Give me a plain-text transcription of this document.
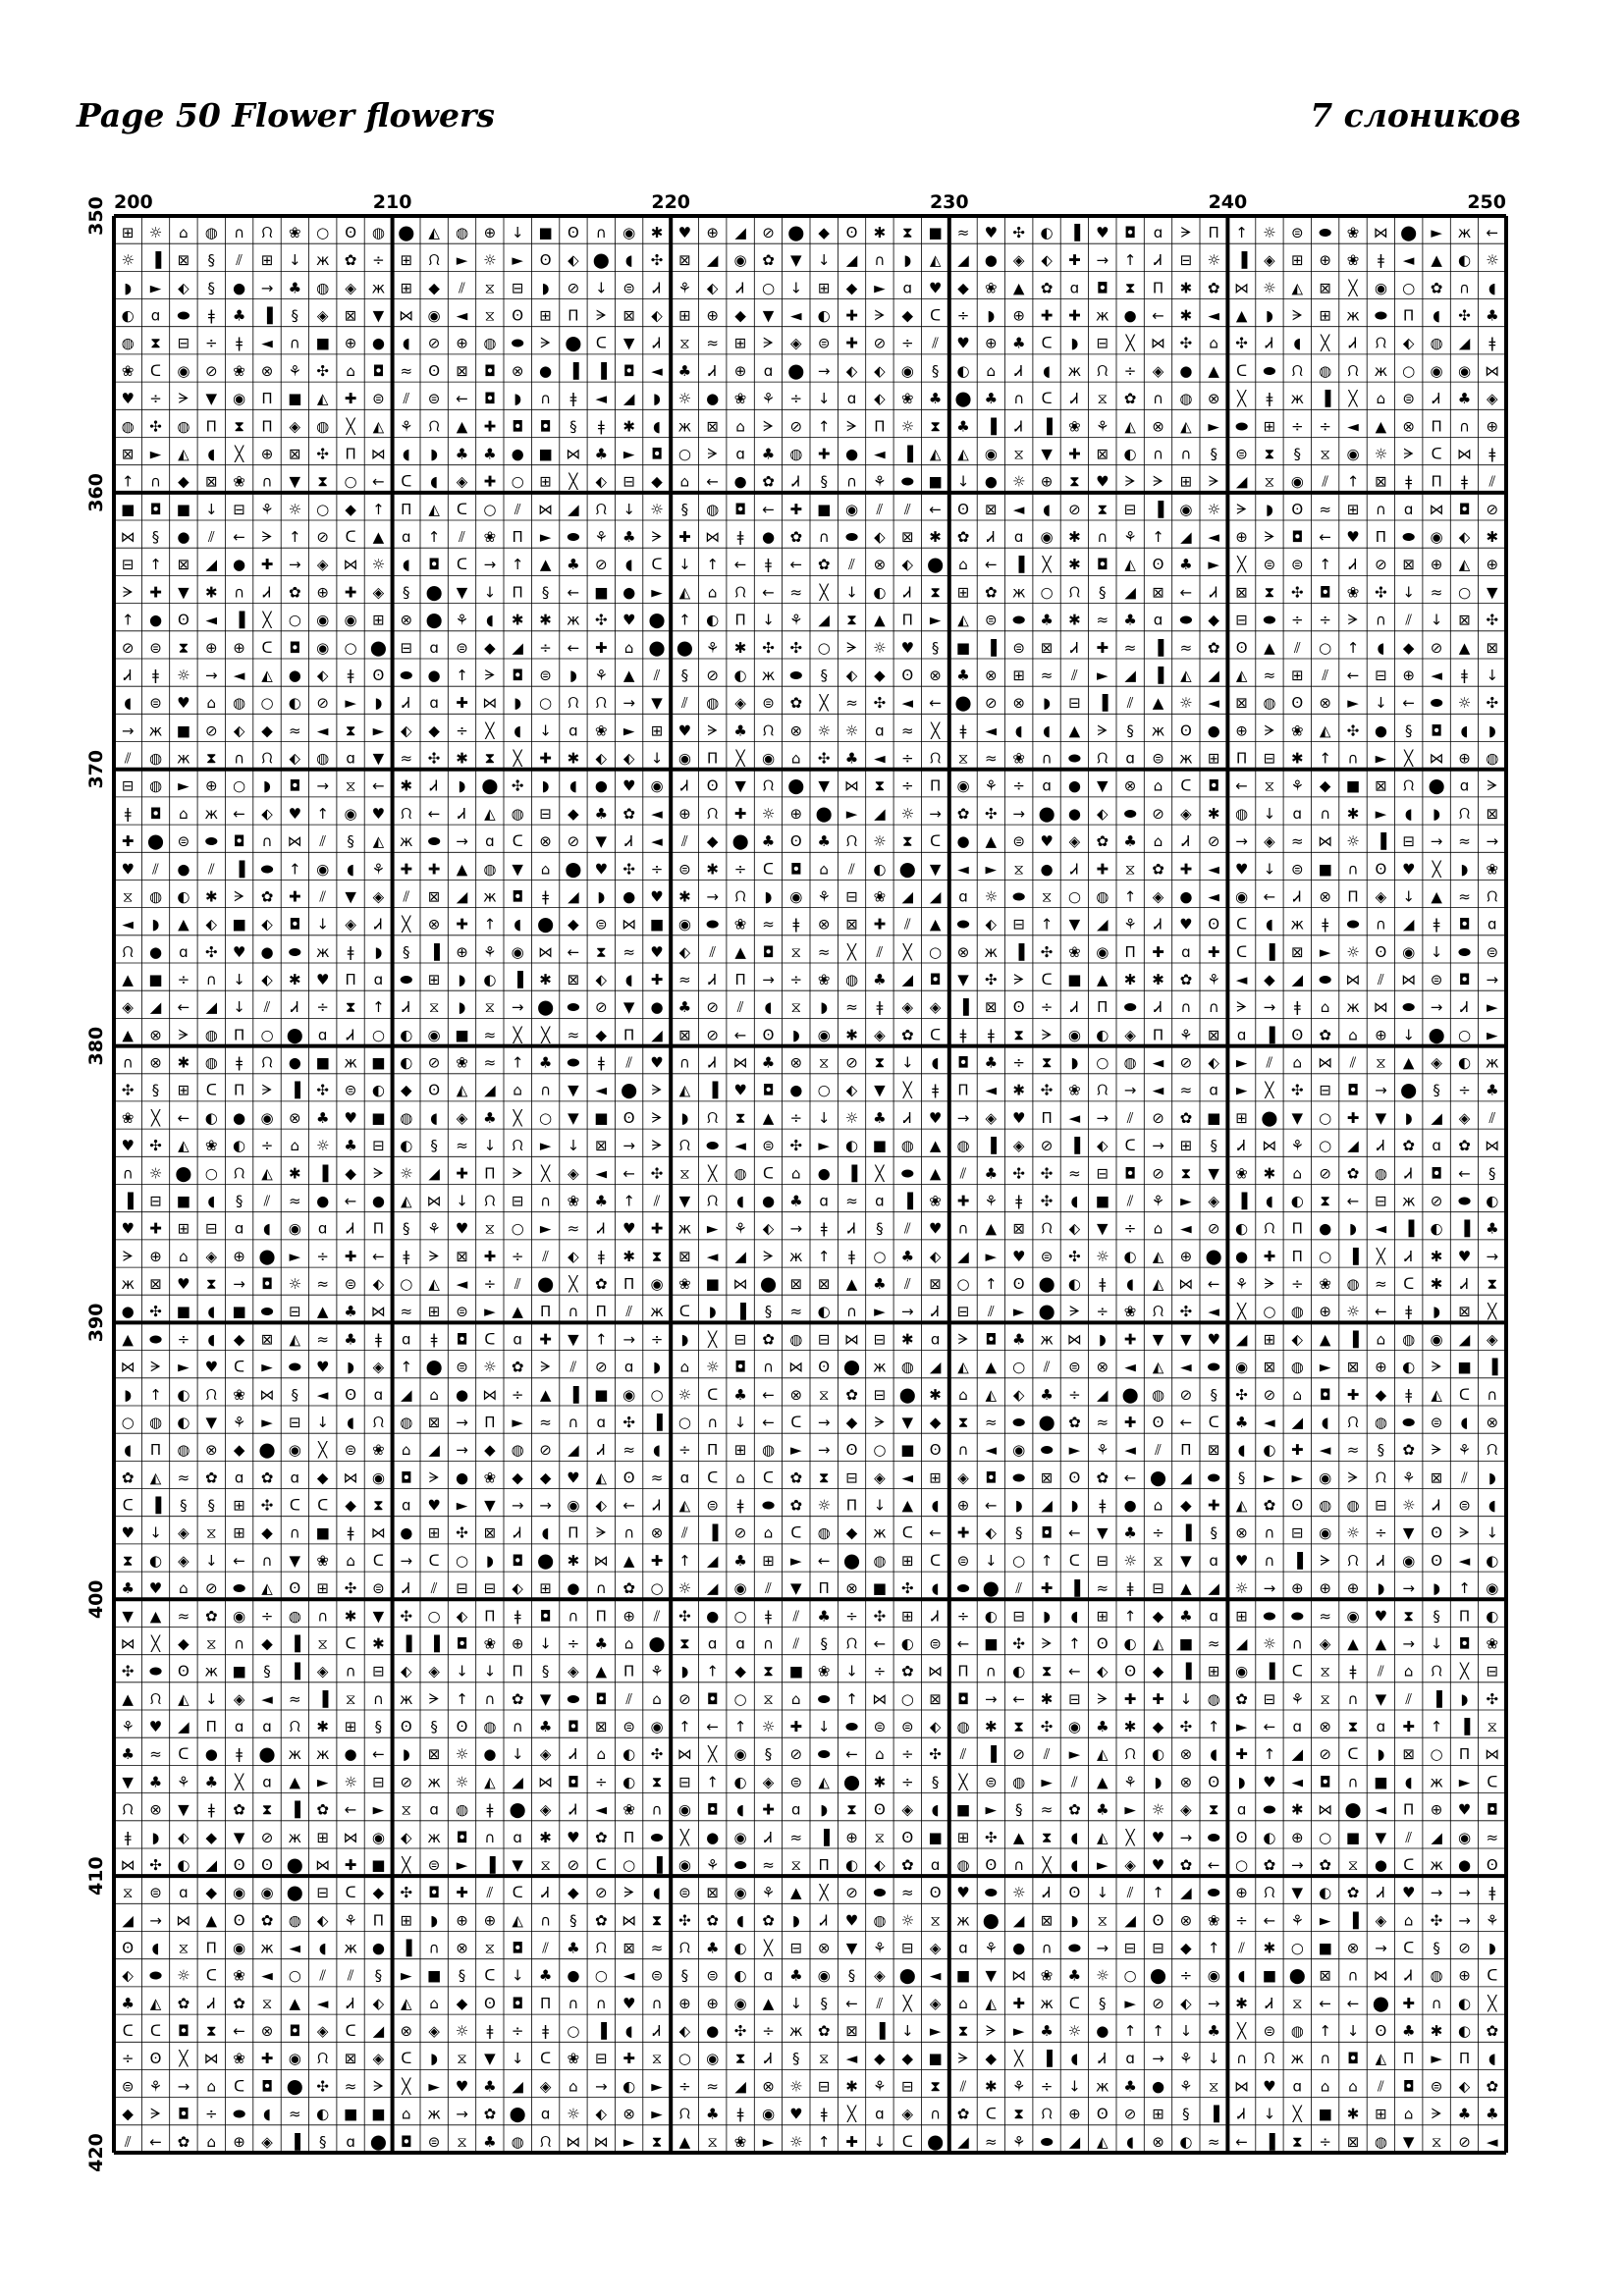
Page 50 Flower flowers	7 слоников
⊞ ☼ ⌂ ◍ ∩ ᙁ ❀ ○ ʘ ◍ ⬤ ◭ ◍ ⊕ ↓ ■ ʘ ∩ ◉ ✱ ♥ ⊕ ◢ ⊘ ⬤ ◆ ʘ ✱ ⧗ ■ ≈ ♥ ✣ ◐ ▐ ♥ ◘ ɑ ᗒ Π ↑ ☼ ⊜ ⬬ ❀ ⋈ ⬤ ► ж ←
☼ ▐ ⊠ § ⫽ ⊞ ↓ ж ✿ ÷ ⊞ ᙁ ► ☼ ► ʘ ⬖ ⬤ ◖ ✣ ⊠ ◢ ◉ ✿ ▼ ↓ ◢ ∩ ◗ ◭ ◢ ● ◈ ⬖ ✚ → ↑ Ꮧ ⊟ ☼ ▐ ◈ ⊞ ⊕ ❀ ǂ ◄ ▲ ◐ ☼
◗ ► ⬖ § ● → ♣ ◍ ◈ ж ⊞ ◆ ⫽ ⧖ ⊟ ◗ ⊘ ↓ ⊜ Ꮧ ⚘ ⬖ Ꮧ ○ ↓ ⊞ ◆ ► ɑ ♥ ◆ ❀ ▲ ✿ ɑ ◘ ⧗ Π ✱ ✿ ⋈ ☼ ◭ ⊠ ╳ ◉ ○ ✿ ∩ ◖
◐ ɑ ⬬ ǂ ♣ ▐ § ◈ ⊠ ▼ ⋈ ◉ ◄ ⧖ ʘ ⊞ Π ᗒ ⊠ ⬖ ⊞ ⊕ ◆ ▼ ◄ ◐ ✚ ᗒ ◆ ᑕ ÷ ◗ ⊕ ✚ ✚ ж ● ← ✱ ◄ ▲ ◗ ᗒ ⊞ ж ⬬ Π ◖ ✣ ♣
◍ ⧗ ⊟ ÷ ǂ ◄ ∩ ■ ⊕ ● ◖ ⊘ ⊕ ◍ ⬬ ᗒ ⬤ ᑕ ▼ Ꮧ ⧖ ≈ ⊞ ᗒ ◈ ⊜ ✚ ⊘ ÷ ⫽ ♥ ⊕ ♣ ᑕ ◗ ⊟ ╳ ⋈ ✣ ⌂ ✣ Ꮧ ◖ ╳ Ꮧ ᙁ ⬖ ◍ ◢ ǂ
❀ ᑕ ◉ ⊘ ❀ ⊗ ⚘ ✣ ⌂ ◘ ≈ ʘ ⊠ ◘ ⊗ ● ▐ ▐ ◘ ◄ ♣ Ꮧ ⊕ ɑ ⬤ → ⬖ ⬖ ◉ § ◐ ⌂ Ꮧ ◖ ж ᙁ ÷ ◈ ● ▲ ᑕ ⬬ ᙁ ◍ ᙁ ж ○ ◉ ◉ ⋈
♥ ÷ ᗒ ▼ ◉ Π ■ ◭ ✚ ⊜ ⫽ ⊜ ← ◘ ◗ ∩ ǂ ◄ ◢ ◗ ☼ ● ❀ ⚘ ÷ ↓ ɑ ⬖ ❀ ♣ ⬤ ♣ ∩ ᑕ Ꮧ ⧖ ✿ ∩ ◍ ⊗ ╳ ǂ ж ▐ ╳ ⌂ ⊜ Ꮧ ♣ ◈
◍ ✣ ◍ Π ⧗ Π ◈ ◍ ╳ ◭ ⚘ ᙁ ▲ ✚ ◘ ◘ § ǂ ✱ ◖ ж ⊠ ⌂ ᗒ ⊘ ↑ ᗒ Π ☼ ⧗ ♣ ▐ Ꮧ ▐ ❀ ⚘ ◭ ⊗ ◭ ► ⬬ ⊞ ÷ ÷ ◄ ▲ ⊗ Π ∩ ⊕
⊠ ► ◭ ◖ ╳ ⊕ ⊠ ✣ Π ⋈ ◖ ◗ ♣ ♣ ● ■ ⋈ ♣ ► ◘ ○ ᗒ ɑ ♣ ◍ ✚ ● ◄ ▐ ◭ ◭ ◉ ⧖ ▼ ✚ ⊠ ◐ ∩ ∩ § ⊜ ⧗ § ⧖ ◉ ☼ ᗒ ᑕ ⋈ ǂ
↑ ∩ ◆ ⊠ ❀ ∩ ▼ ⧗ ○ ← ᑕ ◖ ◈ ✚ ○ ⊞ ╳ ⬖ ⊟ ◆ ⌂ ← ● ✿ Ꮧ § ∩ ⚘ ⬬ ■ ↓ ● ☼ ⊕ ⧗ ♥ ᗒ ᗒ ⊞ ᗒ ◢ ⧖ ◉ ⫽ ↑ ⊠ ǂ Π ǂ ⫽
■ ◘ ■ ↓ ⊟ ⚘ ☼ ○ ◆ ↑ Π ◭ ᑕ ○ ⫽ ⋈ ◢ ᙁ ↓ ☼ § ◍ ◘ ← ✚ ■ ◉ ⫽ ⫽ ← ʘ ⊠ ◄ ◖ ⊘ ⧗ ⊟ ▐ ◉ ☼ ᗒ ◗ ʘ ≈ ⊞ ∩ ɑ ⋈ ◘ ⊘
⋈ § ● ⫽ ← ᗒ ↑ ⊘ ᑕ ▲ ɑ ↑ ⫽ ❀ Π ► ⬬ ⚘ ♣ ᗒ ✚ ⋈ ǂ ● ✿ ∩ ⬬ ⬖ ⊠ ✱ ✿ Ꮧ ɑ ◉ ✱ ∩ ⚘ ↑ ◢ ◄ ⊕ ᗒ ◘ ← ♥ Π ⬬ ◉ ⬖ ✱
⊟ ↑ ⊠ ◢ ● ✚ → ◈ ⋈ ☼ ◖ ◘ ᑕ → ↑ ▲ ♣ ⊘ ◖ ᑕ ↓ ↑ ← ǂ ← ✿ ⫽ ⊗ ⬖ ⬤ ⌂ ← ▐ ╳ ✱ ◘ ◭ ʘ ♣ ► ╳ ⊜ ⊜ ↑ Ꮧ ⊘ ⊠ ⊕ ◭ ⊕
ᗒ ✚ ▼ ✱ ∩ Ꮧ ✿ ⊕ ✚ ◈ § ⬤ ▼ ↓ Π § ← ■ ● ► ◭ ⌂ ᙁ ← ≈ ╳ ↓ ◐ Ꮧ ⧗ ⊞ ✿ ж ○ ᙁ § ◢ ⊠ ← Ꮧ ⊠ ⧗ ✣ ◘ ❀ ✣ ↓ ≈ ○ ▼
↑ ● ʘ ◄ ▐ ╳ ○ ◉ ◉ ⊞ ⊗ ⬤ ⚘ ◖ ✱ ✱ ж ✣ ♥ ⬤ ↑ ◐ Π ↓ ⚘ ◢ ⧗ ▲ Π ► ◭ ⊜ ⬬ ♣ ✱ ≈ ♣ ɑ ⬬ ◆ ⊟ ⬬ ÷ ÷ ᗒ ∩ ⫽ ↓ ⊠ ✣
⊘ ⊜ ⧗ ⊕ ⊕ ᑕ ◘ ◉ ○ ⬤ ⊟ ɑ ⊜ ◆ ◢ ÷ ← ✚ ⌂ ⬤ ⬤ ⚘ ✱ ✣ ✣ ○ ᗒ ☼ ♥ § ■ ▐ ⊜ ⊠ Ꮧ ✚ ≈ ▐ ≈ ✿ ʘ ▲ ⫽ ○ ↑ ◖ ◆ ⊘ ▲ ⊠
Ꮧ ǂ ☼ → ◄ ◭ ● ⬖ ǂ ʘ ⬬ ● ↑ ᗒ ◘ ⊜ ◗ ⚘ ▲ ⫽ § ⊘ ◐ ж ⬬ § ⬖ ◆ ʘ ⊗ ♣ ⊗ ⊞ ≈ ⫽ ► ◢ ▐ ◭ ◢ ◭ ≈ ⊞ ⫽ ← ⊟ ⊕ ◄ ǂ ↓
◖ ⊜ ♥ ⌂ ◍ ○ ◐ ⊘ ► ◗ Ꮧ ɑ ✚ ⋈ ◗ ○ ᙁ ᙁ → ▼ ⫽ ◍ ◈ ⊜ ✿ ╳ ≈ ✣ ◄ ← ⬤ ⊘ ⊗ ◗ ⊟ ▐ ⫽ ▲ ☼ ◄ ⊠ ◍ ʘ ⊗ ► ↓ ← ⬬ ☼ ✣
→ ж ■ ⊘ ⬖ ◆ ≈ ◄ ⧗ ► ⬖ ◆ ÷ ╳ ◖ ↓ ɑ ❀ ► ⊞ ♥ ᗒ ♣ ᙁ ⊗ ☼ ☼ ɑ ≈ ╳ ǂ ◄ ◖ ◖ ▲ ᗒ § ж ʘ ● ⊕ ᗒ ❀ ◭ ✣ ● § ◘ ◖ ◗
⫽ ◍ ж ⧗ ∩ ᙁ ⬖ ◍ ɑ ▼ ≈ ✣ ✱ ⧗ ╳ ✚ ✱ ⬖ ⬖ ↓ ◉ Π ╳ ◉ ⌂ ✣ ♣ ◄ ÷ ᙁ ⧖ ≈ ❀ ∩ ⬬ ᙁ ɑ ⊜ ж ⊞ Π ⊟ ✱ ↑ ∩ ► ╳ ⋈ ⊕ ◍
⊟ ◍ ► ⊕ ○ ◗ ◘ → ⧖ ← ✱ Ꮧ ◗ ⬤ ✣ ◗ ◖ ● ♥ ◉ Ꮧ ʘ ▼ ᙁ ⬤ ▼ ⋈ ⧗ ÷ Π ◉ ⚘ ÷ ɑ ● ▼ ⊗ ⌂ ᑕ ◘ ← ⧖ ⚘ ◆ ■ ⊠ ᙁ ⬤ ɑ ᗒ
ǂ ◘ ⌂ ж ← ⬖ ♥ ↑ ◉ ♥ ᙁ ← Ꮧ ◭ ◍ ⊟ ◆ ♣ ✿ ◄ ⊕ ᙁ ✚ ☼ ⊕ ⬤ ► ◢ ☼ → ✿ ✣ → ⬤ ● ⬖ ⬬ ⊘ ◈ ✱ ◍ ↓ ɑ ∩ ✱ ► ◖ ◗ ᙁ ⊠
✚ ⬤ ⊜ ⬬ ◘ ∩ ⋈ ⫽ § ◭ ж ⬬ → ɑ ᑕ ⊗ ⊘ ▼ Ꮧ ◄ ⫽ ◆ ⬤ ♣ ʘ ♣ ᙁ ☼ ⧗ ᑕ ● ▲ ⊜ ♥ ◈ ✿ ♣ ⌂ Ꮧ ⊘ → ◈ ≈ ⋈ ☼ ▐ ⊟ → ≈ →
♥ ⫽ ● ⫽ ▐ ⬬ ↑ ◉ ◖ ⚘ ✚ ✚ ▲ ◍ ▼ ⌂ ⬤ ♥ ✣ ÷ ⊜ ✱ ÷ ᑕ ◘ ⌂ ⫽ ◐ ⬤ ▼ ◄ ► ⧖ ● Ꮧ ✚ ⧖ ✿ ✚ ◄ ♥ ↓ ⊜ ■ ∩ ʘ ♥ ╳ ◗ ❀
⧖ ◍ ◐ ✱ ᗒ ✿ ✚ ⫽ ▼ ◈ ⫽ ⊠ ◢ ж ◘ ǂ ◢ ◗ ● ♥ ✱ → ᙁ ◗ ◉ ⚘ ⊟ ❀ ◢ ◢ ɑ ☼ ⬬ ⧖ ○ ◍ ↑ ◈ ● ◄ ◉ ← Ꮧ ⊗ Π ◈ ↓ ▲ ≈ ᙁ
◄ ◗ ▲ ⬖ ■ ⬖ ◘ ↓ ◈ Ꮧ ╳ ⊗ ✚ ↑ ◖ ⬤ ◆ ⊜ ⋈ ■ ◉ ⬬ ❀ ≈ ǂ ⊗ ⊠ ✚ ⫽ ▲ ⬬ ⬖ ⊟ ↑ ▼ ◢ ⚘ Ꮧ ♥ ʘ ᑕ ◖ ж ǂ ⬬ ∩ ◢ ǂ ◘ ɑ
ᙁ ● ɑ ✣ ♥ ● ⬬ ж ǂ ◗ § ▐ ⊕ ⚘ ◉ ⋈ ← ⧗ ≈ ♥ ⬖ ⫽ ▲ ◘ ⧖ ≈ ╳ ⫽ ╳ ○ ⊗ ж ▐ ✣ ❀ ◉ Π ✚ ɑ ✚ ᑕ ▐ ⊠ ► ☼ ʘ ◉ ↓ ⬬ ⊜
▲ ■ ÷ ∩ ↓ ⬖ ✱ ♥ Π ɑ ⬬ ⊞ ◗ ◐ ▐ ✱ ⊠ ⬖ ◖ ✚ ≈ Ꮧ Π → ÷ ❀ ◍ ♣ ◢ ◘ ▼ ✣ ᗒ ᑕ ■ ▲ ✱ ✱ ✿ ⚘ ◄ ◆ ◢ ⬬ ⋈ ⫽ ⋈ ⊜ ◘ →
◈ ◢ ← ◢ ↓ ⫽ Ꮧ ÷ ⧗ ↑ Ꮧ ⧖ ◗ ⧖ → ⬤ ⬬ ⊘ ▼ ● ♣ ⊘ ⫽ ◖ ⧖ ◗ ≈ ǂ ◈ ◈ ▐ ⊠ ʘ ÷ Ꮧ Π ⬬ Ꮧ ∩ ∩ ᗒ → ǂ ⌂ ж ⋈ ⬬ → Ꮧ ►
▲ ⊗ ᗒ ◍ Π ○ ⬤ ɑ Ꮧ ○ ◐ ◉ ■ ≈ ╳ ╳ ≈ ◆ Π ◢ ⊠ ⊘ ← ʘ ◗ ◉ ✱ ◈ ✿ ᑕ ǂ ǂ ⧗ ᗒ ◉ ◐ ◈ Π ⚘ ⊠ ɑ ▐ ʘ ✿ ⌂ ⊕ ↓ ⬤ ○ ►
∩ ⊗ ✱ ◍ ǂ ᙁ ● ■ ж ■ ◐ ⊘ ❀ ≈ ↑ ♣ ⬬ ǂ ⫽ ♥ ∩ Ꮧ ⋈ ♣ ⊗ ⧖ ⊘ ⧗ ↓ ◖ ◘ ♣ ÷ ⧗ ◗ ○ ◍ ◄ ⊘ ⬖ ► ⫽ ⌂ ⋈ ⫽ ⧖ ▲ ◈ ◐ ж
✣ § ⊞ ᑕ Π ᗒ ▐ ✣ ⊜ ◐ ◆ ʘ ◭ ◢ ⌂ ∩ ▼ ◄ ⬤ ᗒ ◭ ▐ ♥ ◘ ● ○ ⬖ ▼ ╳ ǂ Π ◄ ✱ ✣ ❀ ᙁ → ◄ ≈ ɑ ► ╳ ✣ ⊟ ◘ → ⬤ § ÷ ♣
❀ ╳ ← ◐ ● ◉ ⊗ ♣ ♥ ■ ◍ ◖ ◈ ♣ ╳ ○ ▼ ■ ʘ ᗒ ◗ ᙁ ⧗ ▲ ÷ ↓ ☼ ♣ Ꮧ ♥ → ◈ ♥ Π ◄ → ⫽ ⊘ ✿ ■ ⊞ ⬤ ▼ ○ ✚ ▼ ◗ ◢ ◈ ⫽
♥ ✣ ◭ ❀ ◐ ÷ ⌂ ☼ ♣ ⊟ ◐ § ≈ ↓ ᙁ ► ↓ ⊠ → ᗒ ᙁ ⬬ ◄ ⊜ ✣ ► ◐ ■ ◍ ▲ ◍ ▐ ◈ ⊘ ▐ ⬖ ᑕ → ⊞ § Ꮧ ⋈ ⚘ ○ ◢ Ꮧ ✿ ɑ ✿ ⋈
∩ ☼ ⬤ ○ ᙁ ◭ ✱ ▐ ◆ ᗒ ☼ ◢ ✚ Π ᗒ ╳ ◈ ◄ ← ✣ ⧖ ╳ ◍ ᑕ ⌂ ● ▐ ╳ ⬬ ▲ ⫽ ♣ ✣ ✣ ≈ ⊟ ◘ ⊘ ⧗ ▼ ❀ ✱ ⌂ ⊘ ✿ ◍ Ꮧ ◘ ← §
▐ ⊟ ■ ◖ § ⫽ ≈ ● ← ● ◭ ⋈ ↓ ᙁ ⊟ ∩ ❀ ♣ ↑ ⫽ ▼ ᙁ ◖ ● ♣ ɑ ≈ ɑ ▐ ❀ ✚ ⚘ ǂ ✣ ◖ ■ ⫽ ⚘ ► ◈ ▐ ◖ ◐ ⧗ ← ⊟ ж ⊘ ⬬ ◐
♥ ✚ ⊞ ⊟ ɑ ◖ ◉ ɑ Ꮧ Π § ⚘ ♥ ⧖ ○ ► ≈ Ꮧ ♥ ✚ ж ► ⚘ ⬖ → ǂ Ꮧ § ⫽ ♥ ∩ ▲ ⊠ ᙁ ⬖ ▼ ÷ ⌂ ◄ ⊘ ◐ ᙁ Π ● ◗ ◄ ▐ ◐ ▐ ♣
ᗒ ⊕ ⌂ ◈ ⊕ ⬤ ► ÷ ✚ ← ǂ ᗒ ⊠ ✚ ÷ ⫽ ⬖ ǂ ✱ ⧗ ⊠ ◄ ◢ ᗒ ж ↑ ǂ ○ ♣ ⬖ ◢ ► ♥ ⊜ ✣ ☼ ◐ ◭ ⊕ ⬤ ● ✚ Π ○ ▐ ╳ Ꮧ ✱ ♥ →
ж ⊠ ♥ ⧗ → ◘ ☼ ≈ ⊜ ⬖ ○ ◭ ◄ ÷ ⫽ ⬤ ╳ ✿ Π ◉ ❀ ■ ⋈ ⬤ ⊠ ⊠ ▲ ♣ ⫽ ⊠ ○ ↑ ʘ ⬤ ◐ ǂ ◖ ◭ ⋈ ← ⚘ ᗒ ÷ ❀ ◍ ≈ ᑕ ✱ Ꮧ ⧗
● ✣ ■ ◖ ■ ⬬ ⊟ ▲ ♣ ⋈ ≈ ⊞ ⊜ ► ▲ Π ∩ Π ⫽ ж ᑕ ◗ ▐ § ≈ ◐ ∩ ► → Ꮧ ⊟ ⫽ ► ⬤ ᗒ ÷ ❀ ᙁ ✣ ◄ ╳ ○ ◍ ⊕ ☼ ← ǂ ◗ ⊠ ╳
▲ ⬬ ÷ ◖ ◆ ⊠ ◭ ≈ ♣ ǂ ɑ ǂ ◘ ᑕ ɑ ✚ ▼ ↑ → ÷ ◗ ╳ ⊟ ✿ ◍ ⊟ ⋈ ⊟ ✱ ɑ ᗒ ◘ ♣ ж ⋈ ◗ ✚ ▼ ▼ ♥ ◢ ⊞ ⬖ ▲ ▐ ⌂ ◍ ◉ ◢ ◈
⋈ ᗒ ► ♥ ᑕ ► ⬬ ♥ ◗ ◈ ↑ ⬤ ⊜ ☼ ✿ ᗒ ⫽ ⊘ ɑ ◗ ⌂ ☼ ◘ ∩ ⋈ ʘ ⬤ ж ◍ ◢ ◭ ▲ ○ ⫽ ⊜ ⊗ ◄ ◭ ◄ ⬬ ◉ ⊠ ◍ ► ⊠ ⊕ ◐ ᗒ ■ ▐
◗ ↑ ◐ ᙁ ❀ ⋈ § ◄ ʘ ɑ ◢ ⌂ ● ⋈ ÷ ▲ ▐ ■ ◉ ○ ☼ ᑕ ♣ ← ⊗ ⧖ ✿ ⊟ ⬤ ✱ ⌂ ◭ ⬖ ♣ ÷ ◢ ⬤ ◍ ⊘ § ✣ ⊘ ⌂ ◘ ✚ ◆ ǂ ◭ ᑕ ∩
○ ◍ ◐ ▼ ⚘ ► ⊟ ↓ ◖ ᙁ ◍ ⊠ → Π ► ≈ ∩ ɑ ✣ ▐ ○ ∩ ↓ ← ᑕ → ◆ ᗒ ▼ ◆ ⧗ ≈ ⬬ ⬤ ✿ ≈ ✚ ʘ ← ᑕ ♣ ◄ ◢ ◖ ᙁ ◍ ⬬ ⊜ ◖ ⊗
◖ Π ◍ ⊗ ◆ ⬤ ◉ ╳ ⊜ ❀ ⌂ ◢ → ◆ ◍ ⊘ ◢ Ꮧ ≈ ◖ ÷ Π ⊞ ◍ ► → ʘ ○ ■ ʘ ∩ ◄ ◉ ⬬ ► ⚘ ◄ ⫽ Π ⊠ ◖ ◐ ✚ ◄ ≈ § ✿ ᗒ ⚘ ᙁ
✿ ◭ ≈ ✿ ɑ ✿ ɑ ◆ ⋈ ◉ ◘ ᗒ ● ❀ ◆ ◆ ♥ ◭ ʘ ≈ ɑ ᑕ ⌂ ᑕ ✿ ⧗ ⊟ ◈ ◄ ⊞ ◈ ◘ ⬬ ⊠ ʘ ✿ ← ⬤ ◢ ⬬ § ► ► ◉ ᗒ ᙁ ⚘ ⊠ ⫽ ◗
ᑕ ▐ § § ⊞ ✣ ᑕ ᑕ ◆ ⧗ ɑ ♥ ► ▼ → → ◉ ⬖ ← Ꮧ ◭ ⊜ ǂ ⬬ ✿ ☼ Π ↓ ▲ ◖ ⊕ ← ◗ ◢ ◗ ǂ ● ⌂ ◆ ✚ ◭ ✿ ʘ ◍ ◍ ⊟ ☼ Ꮧ ⊜ ◖
♥ ↓ ◈ ⧖ ⊞ ◆ ∩ ■ ǂ ⋈ ● ⊞ ✣ ⊠ Ꮧ ◖ Π ᗒ ∩ ⊗ ⫽ ▐ ⊘ ⌂ ᑕ ◍ ◆ ж ᑕ ← ✚ ⬖ § ◘ ← ▼ ♣ ÷ ▐ § ⊗ ∩ ⊟ ◉ ☼ ÷ ▼ ʘ ᗒ ↓
⧗ ◐ ◈ ↓ ← ∩ ▼ ❀ ⌂ ᑕ → ᑕ ○ ◗ ◘ ⬤ ✱ ⋈ ▲ ✚ ↑ ◢ ♣ ⊞ ► ← ⬤ ◍ ⊞ ᑕ ⊜ ↓ ○ ↑ ᑕ ⊟ ☼ ⧖ ▼ ɑ ♥ ∩ ▐ ᗒ ᙁ Ꮧ ◉ ʘ ◄ ◐
♣ ♥ ⌂ ⊘ ⬬ ◭ ʘ ⊞ ✣ ⊜ Ꮧ ⫽ ⊟ ⊟ ⬖ ⊞ ● ∩ ✿ ○ ☼ ◢ ◉ ⫽ ▼ Π ⊗ ■ ✣ ◖ ⬬ ⬤ ⫽ ✚ ▐ ≈ ǂ ⊟ ▲ ◢ ☼ → ⊕ ⊕ ⊕ ◗ → ◗ ↑ ◉
▼ ▲ ≈ ✿ ◉ ÷ ◍ ∩ ✱ ▼ ✣ ○ ⬖ Π ǂ ◘ ∩ Π ⊕ ⫽ ✣ ● ○ ǂ ⫽ ♣ ÷ ✣ ⊞ Ꮧ ÷ ◐ ⊟ ◗ ◖ ⊞ ↑ ◆ ♣ ɑ ⊞ ⬬ ⬬ ≈ ◉ ♥ ⧗ § Π ◐
⋈ ╳ ◆ ⧖ ∩ ◆ ▐ ⧖ ᑕ ✱ ▐ ▐ ◘ ❀ ⊕ ↓ ÷ ♣ ⌂ ⬤ ⧗ ɑ ɑ ∩ ⫽ § ᙁ ← ◐ ⊜ ← ■ ✣ ᗒ ↑ ʘ ◐ ◭ ■ ≈ ◢ ☼ ∩ ◈ ▲ ▲ → ↓ ◘ ❀
✣ ⬬ ʘ ж ■ § ▐ ◈ ∩ ⊟ ⬖ ◈ ↓ ↓ Π § ◈ ▲ Π ⚘ ◗ ↑ ◆ ⧗ ■ ❀ ↓ ÷ ✿ ⋈ Π ∩ ◐ ⧗ ← ⬖ ʘ ◆ ▐ ⊞ ◉ ▐ ᑕ ⧖ ǂ ⫽ ⌂ ᙁ ╳ ⊟
▲ ᙁ ◭ ↓ ◈ ◄ ≈ ▐ ⧖ ∩ ж ᗒ ↑ ∩ ✿ ▼ ⬬ ◘ ⫽ ⌂ ⊘ ◘ ○ ⧖ ⌂ ⬬ ↑ ⋈ ○ ⊠ ◘ → ← ✱ ⊟ ᗒ ✚ ✚ ↓ ◍ ✿ ⊟ ⚘ ⧖ ∩ ▼ ⫽ ▐ ◗ ✣
⚘ ♥ ◢ Π ɑ ɑ ᙁ ✱ ⊞ § ʘ § ʘ ◍ ∩ ♣ ◘ ⊠ ⊜ ◉ ↑ ← ↑ ☼ ✚ ↓ ⬬ ⊜ ⊜ ⬖ ◍ ✱ ⧗ ✣ ◉ ♣ ✱ ◆ ✣ ↑ ► ← ɑ ⊗ ⧗ ɑ ✚ ↑ ▐ ⧖
♣ ≈ ᑕ ● ǂ ⬤ ж ж ● ← ◗ ⊠ ☼ ● ↓ ◈ Ꮧ ⌂ ◐ ✣ ⋈ ╳ ◉ § ⊘ ⬬ ← ⌂ ÷ ✣ ⫽ ▐ ⊘ ⫽ ► ◭ ᙁ ◐ ⊗ ◖ ✚ ↑ ◢ ⊘ ᑕ ◗ ⊠ ○ Π ⋈
▼ ♣ ⚘ ♣ ╳ ɑ ▲ ► ☼ ⊟ ⊘ ж ☼ ◭ ◢ ⋈ ◘ ÷ ◐ ⧗ ⊟ ↑ ◐ ◈ ⊜ ◭ ⬤ ✱ ÷ § ╳ ⊜ ◍ ► ⫽ ▲ ⚘ ◗ ⊗ ʘ ◗ ♥ ◄ ◘ ∩ ■ ◖ ж ► ᑕ
ᙁ ⊗ ▼ ǂ ✿ ⧗ ▐ ✿ ← ► ⧖ ɑ ◍ ǂ ⬤ ◈ Ꮧ ◄ ❀ ∩ ◉ ◘ ◖ ✚ ɑ ◗ ⧗ ʘ ◈ ◖ ■ ► § ≈ ✿ ♣ ► ☼ ◈ ⧗ ɑ ⬬ ✱ ⋈ ⬤ ◄ Π ⊕ ♥ ◘
ǂ ◗ ⬖ ◆ ▼ ⊘ ж ⊞ ⋈ ◉ ⬖ ж ◘ ∩ ɑ ✱ ♥ ✿ Π ⬬ ╳ ● ◉ Ꮧ ≈ ▐ ⊕ ⧖ ʘ ■ ⊞ ✣ ▲ ⧗ ◖ ◭ ╳ ♥ → ⬬ ʘ ◐ ⊕ ○ ■ ▼ ⫽ ◢ ◉ ≈
⋈ ✣ ◐ ◢ ʘ ʘ ⬤ ⋈ ✚ ■ ╳ ⊜ ► ▐ ▼ ⧖ ⊘ ᑕ ○ ▐ ◉ ⚘ ⬬ ≈ ⧖ Π ◐ ⬖ ✿ ɑ ◍ ʘ ∩ ╳ ◖ ► ◈ ♥ ✿ ← ○ ✿ → ✿ ⧖ ● ᑕ ж ● ʘ
⧖ ⊜ ɑ ◆ ◉ ◉ ⬤ ⊟ ᑕ ◆ ✣ ◘ ✚ ⫽ ᑕ Ꮧ ◆ ⊘ ᗒ ◖ ⊜ ⊠ ◉ ⚘ ▲ ╳ ⊘ ⬬ ≈ ʘ ♥ ⬬ ☼ Ꮧ ʘ ↓ ⫽ ↑ ◢ ⬬ ⊕ ᙁ ▼ ◐ ✿ Ꮧ ♥ → → ǂ
◢ → ⋈ ▲ ʘ ✿ ◍ ⬖ ⚘ Π ⊞ ◗ ⊕ ⊕ ◭ ∩ § ✿ ⋈ ⧗ ✣ ✿ ◖ ✿ ◗ Ꮧ ♥ ◍ ☼ ⧖ ж ⬤ ◢ ⊠ ◗ ⧖ ◢ ʘ ⊗ ❀ ÷ ← ⚘ ► ▐ ◈ ⌂ ✣ → ⚘
ʘ ◖ ⧖ Π ◉ ж ◄ ◖ ж ● ▐ ∩ ⊗ ⧖ ◘ ⫽ ♣ ᙁ ⊠ ≈ ᙁ ♣ ◐ ╳ ⊟ ⊗ ▼ ⚘ ⊟ ◈ ɑ ⚘ ● ∩ ⬬ → ⊟ ⊟ ◆ ↑ ⫽ ✱ ○ ■ ⊗ → ᑕ § ⊘ ◗
⬖ ⬬ ☼ ᑕ ❀ ◄ ○ ⫽ ⫽ § ► ■ § ᑕ ↓ ♣ ● ○ ◄ ⊜ § ⊜ ◐ ɑ ♣ ◉ § ◈ ⬤ ◄ ■ ▼ ⋈ ❀ ♣ ☼ ○ ⬤ ÷ ◉ ◖ ■ ⬤ ⊠ ∩ ⋈ Ꮧ ◍ ⊕ ᑕ
♣ ◭ ✿ Ꮧ ✿ ⧖ ▲ ◄ Ꮧ ⬖ ◭ ⌂ ◆ ʘ ◘ Π ∩ ∩ ♥ ∩ ⊕ ⊕ ◉ ▲ ↓ § ← ⫽ ╳ ◈ ⌂ ◭ ✚ ж ᑕ § ► ⊘ ⬖ → ✱ Ꮧ ⧖ ← ← ⬤ ✚ ∩ ◐ ╳
ᑕ ᑕ ◘ ⧗ ← ⊗ ◘ ◈ ᑕ ◢ ⊗ ◈ ☼ ǂ ÷ ǂ ○ ▐ ◖ Ꮧ ⬖ ● ✣ ÷ ж ✿ ⊠ ▐ ↓ ► ⧗ ᗒ ► ♣ ☼ ● ↑ ↑ ↓ ♣ ╳ ⊜ ◍ ↑ ↓ ʘ ♣ ✱ ◐ ✿
÷ ʘ ╳ ⋈ ❀ ✚ ◉ ᙁ ⊠ ◈ ᑕ ◗ ⧖ ▼ ↓ ᑕ ❀ ⊟ ✚ ⧖ ○ ◉ ⧗ Ꮧ § ⧖ ◄ ◆ ◆ ■ ᗒ ◆ ╳ ▐ ◖ Ꮧ ɑ → ⚘ ↓ ∩ ᙁ ж ∩ ◘ ◭ Π ► Π ◖
⊜ ⚘ → ⌂ ᑕ ◘ ⬤ ✣ ≈ ᗒ ╳ ► ♥ ♣ ◢ ◈ ⌂ → ◐ ► ÷ ≈ ◢ ⊗ ☼ ⊟ ✱ ⚘ ⊟ ⧗ ⫽ ✱ ⚘ ÷ ↓ ж ♣ ● ⚘ ⧖ ⋈ ♥ ɑ ⌂ ⌂ ⫽ ◘ ⊜ ⬖ ✿
◆ ᗒ ◘ ÷ ⬬ ◖ ≈ ◐ ■ ■ ⌂ ж → ✿ ⬤ ɑ ☼ ⬖ ⊗ ► ᙁ ♣ ǂ ◉ ♥ ǂ ╳ ɑ ◈ ∩ ✿ ᑕ ⧗ ᙁ ⊕ ʘ ⊘ ⊞ § ▐ Ꮧ ↓ ╳ ■ ✱ ⊞ ⌂ ᗒ ♣ ♣
⫽ ← ✿ ⌂ ⊕ ◈ ▐ § ɑ ⬤ ◘ ⊜ ⧖ ♣ ◍ ᙁ ⋈ ⋈ ► ⧗ ▲ ⧖ ❀ ► ☼ ↑ ✚ ↓ ᑕ ⬤ ◢ ≈ ⚘ ⬬ ◢ ◭ ◖ ⊗ ◐ ≈ ← ▐ ⧗ ÷ ⊠ ◍ ▼ ⧖ ⊘ ◄
200	210	220	230	240	250
350
360
370
380
390
400
410
420
